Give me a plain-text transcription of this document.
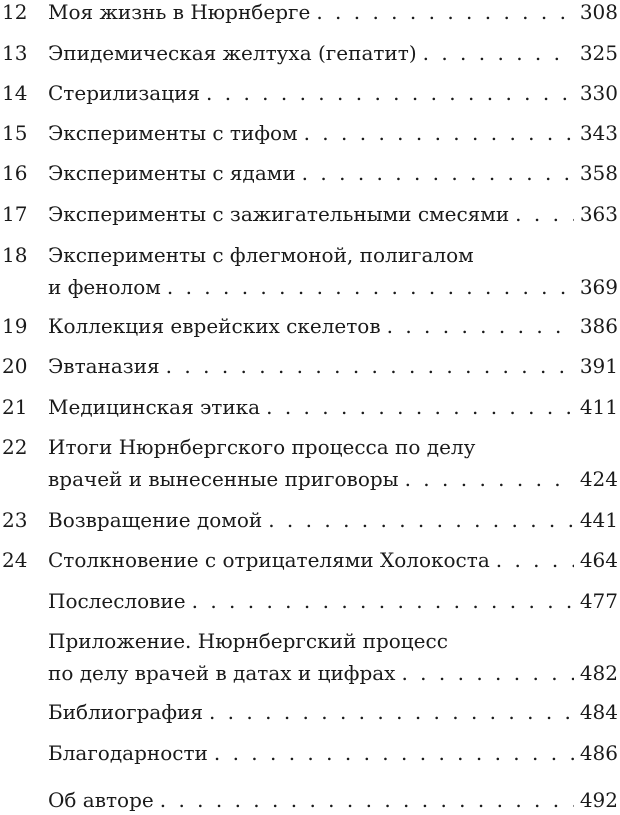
12 Моя жизнь в Нюрнберге . . .	308
13 Эпидемическая желтуха (гепатит) . . .	325
14 Стерилизация . . .	330
15 Эксперименты с тифом . . .	343
16 Эксперименты с ядами . . .	358
17 Эксперименты с зажигательными смесями . . .	363
18 Эксперименты с флегмоной, полигалом
и фенолом . . .	369
19 Коллекция еврейских скелетов . . .	386
20 Эвтаназия . . .	391
21 Медицинская этика . . .	411
22 Итоги Нюрнбергского процесса по делу
врачей и вынесенные приговоры . . .	424
23 Возвращение домой . . .	441
24 Столкновение с отрицателями Холокоста . . .	464
Послесловие . . .	477
Приложение. Нюрнбергский процесс
по делу врачей в датах и цифрах . . .	482
Библиография . . .	484
Благодарности . . .	486
Об авторе . . .	492
